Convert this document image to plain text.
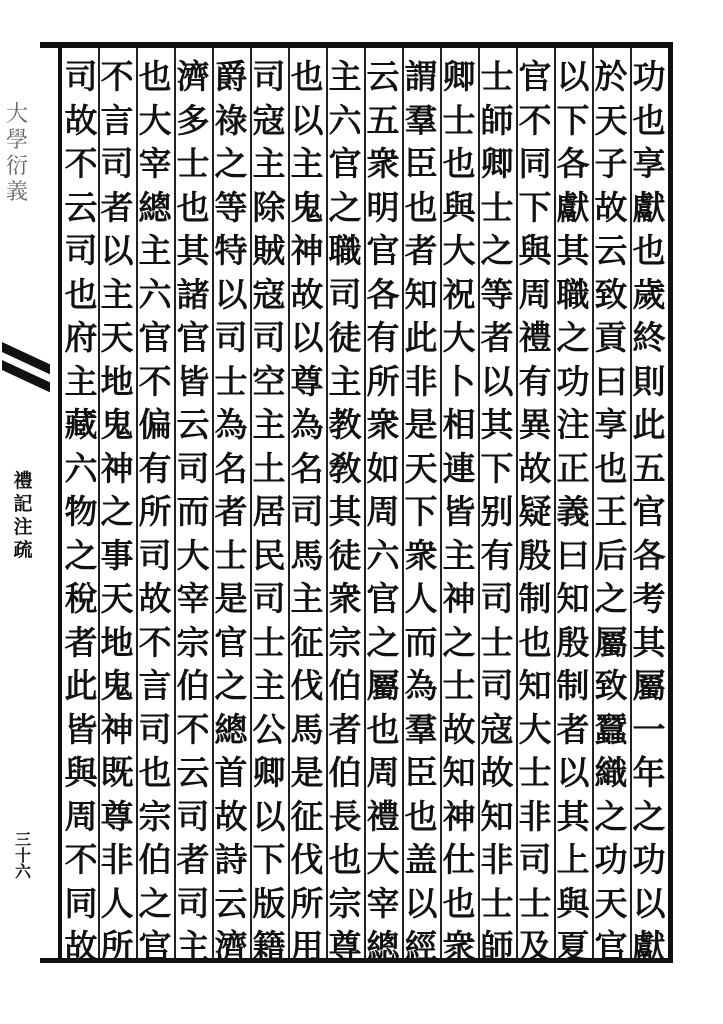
大學衍義
禮記注疏
三十六
功也享獻也歲終則此五官各考其屬一年之功以獻
於天子故云致貢曰享也王后之屬致蠶織之功天官
以下各獻其職之功注正義曰知殷制者以其上與夏
官不同下與周禮有異故疑殷制也知大士非司士及
士師卿士之等者以其下别有司士司寇故知非士師
卿士也與大祝大卜相連皆主神之士故知神仕也衆
謂羣臣也者知此非是天下衆人而為羣臣也盖以經
云五衆明官各有所衆如周六官之屬也周禮大宰總
主六官之職司徒主教敎其徒衆宗伯者伯長也宗尊
也以主鬼神故以尊為名司馬主征伐馬是征伐所用
司寇主除賊寇司空主土居民司士主公卿以下版籍
爵祿之等特以司士為名者士是官之總首故詩云濟
濟多士也其諸官皆云司而大宰宗伯不云司者司主
也大宰總主六官不偏有所司故不言司也宗伯之官
不言司者以主天地鬼神之事天地鬼神既尊非人所
司故不云司也府主藏六物之稅者此皆與周不同故
